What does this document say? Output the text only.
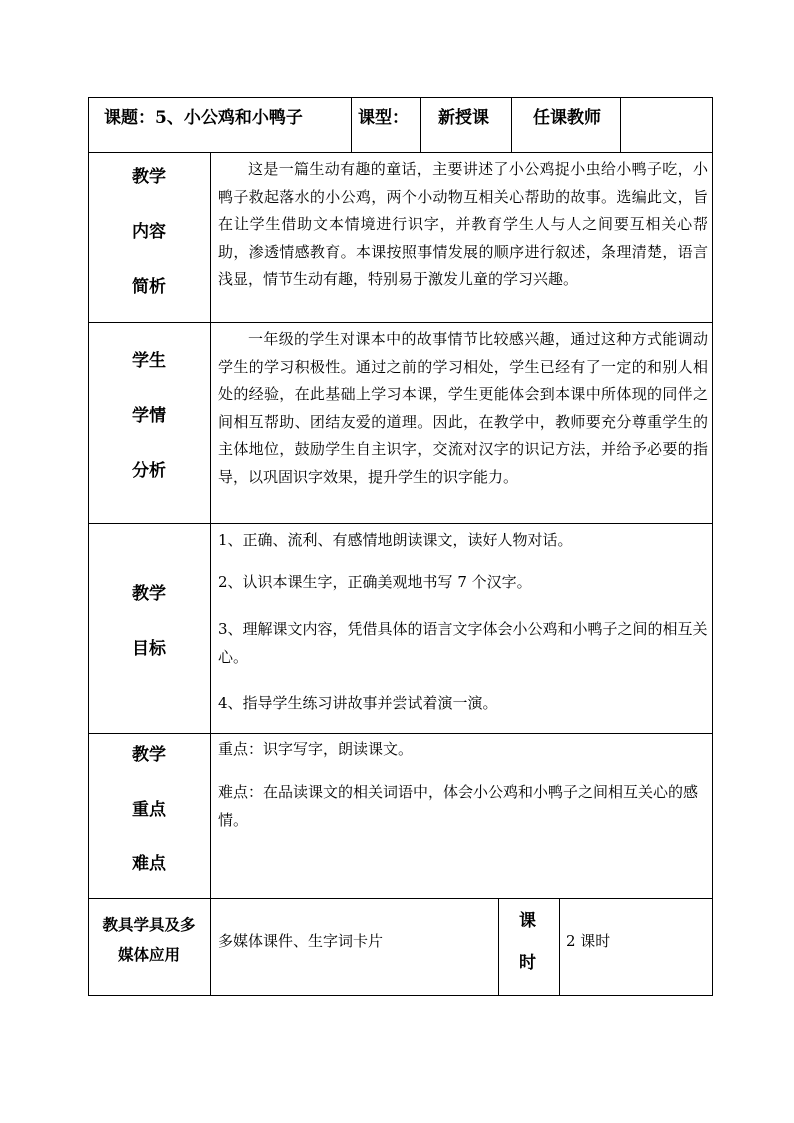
课题：5、小公鸡和小鸭子	课型： 新授课	任课教师
教学
内容
简析
这是一篇生动有趣的童话，主要讲述了小公鸡捉小虫给小鸭子吃，小鸭子救起落水的小公鸡，两个小动物互相关心帮助的故事。选编此文，旨在让学生借助文本情境进行识字，并教育学生人与人之间要互相关心帮助，渗透情感教育。本课按照事情发展的顺序进行叙述，条理清楚，语言浅显，情节生动有趣，特别易于激发儿童的学习兴趣。
学生
学情
分析
一年级的学生对课本中的故事情节比较感兴趣，通过这种方式能调动学生的学习积极性。通过之前的学习相处，学生已经有了一定的和别人相处的经验，在此基础上学习本课，学生更能体会到本课中所体现的同伴之间相互帮助、团结友爱的道理。因此，在教学中，教师要充分尊重学生的主体地位，鼓励学生自主识字，交流对汉字的识记方法，并给予必要的指导，以巩固识字效果，提升学生的识字能力。
教学
目标
1、正确、流利、有感情地朗读课文，读好人物对话。
2、认识本课生字，正确美观地书写 7 个汉字。
3、理解课文内容，凭借具体的语言文字体会小公鸡和小鸭子之间的相互关心。
4、指导学生练习讲故事并尝试着演一演。
教学
重点
难点
重点：识字写字，朗读课文。
难点：在品读课文的相关词语中，体会小公鸡和小鸭子之间相互关心的感情。
教具学具及多
媒体应用
多媒体课件、生字词卡片
课
时
2 课时
